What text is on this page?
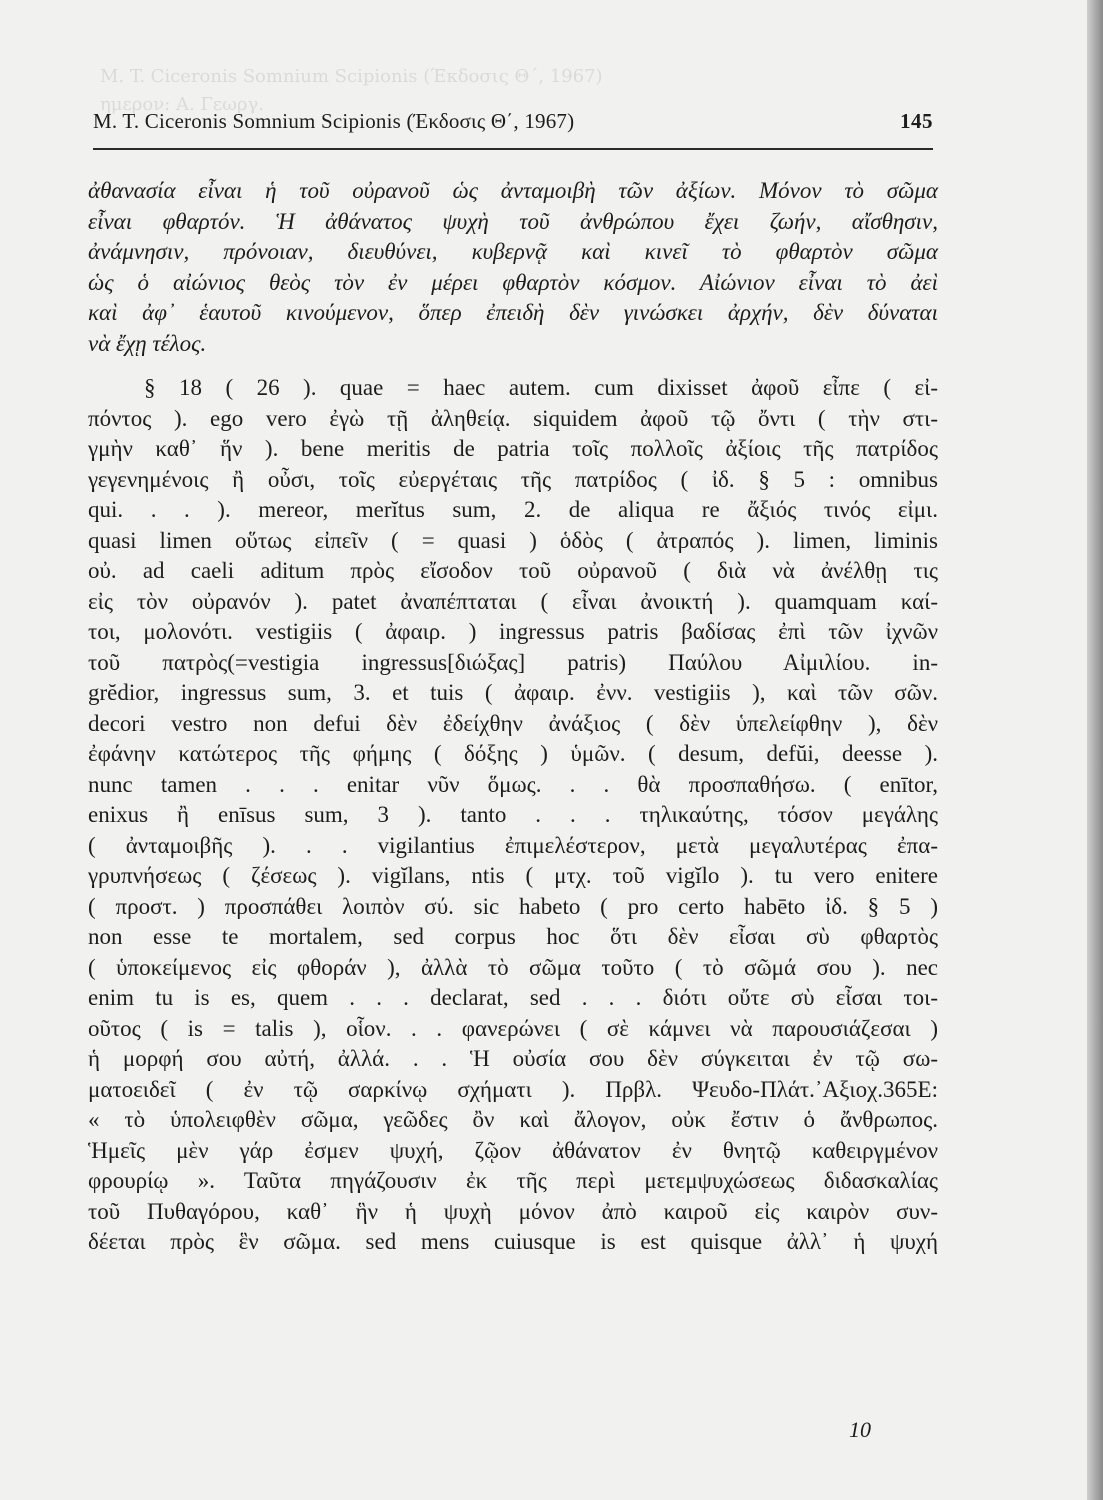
M. T. Ciceronis Somnium Scipionis (Έκδοσις Θ΄, 1967)
ημερον: Α. Γεωργ.
M. T. Ciceronis Somnium Scipionis (Έκδοσις Θ΄, 1967)	145
ἀθανασία εἶναι ἡ τοῦ οὐρανοῦ ὡς ἀνταμοιβὴ τῶν ἀξίων. Μόνον τὸ σῶμα
εἶναι φθαρτόν. Ἡ ἀθάνατος ψυχὴ τοῦ ἀνθρώπου ἔχει ζωήν, αἴσθησιν,
ἀνάμνησιν, πρόνοιαν, διευθύνει, κυβερνᾷ καὶ κινεῖ τὸ φθαρτὸν σῶμα
ὡς ὁ αἰώνιος θεὸς τὸν ἐν μέρει φθαρτὸν κόσμον. Αἰώνιον εἶναι τὸ ἀεὶ
καὶ ἀφ᾽ ἑαυτοῦ κινούμενον, ὅπερ ἐπειδὴ δὲν γινώσκει ἀρχήν, δὲν δύναται
νὰ ἔχῃ τέλος.
§ 18 ( 26 ). quae = haec autem. cum dixisset ἀφοῦ εἶπε ( εἰ-
πόντος ). ego vero ἐγὼ τῇ ἀληθείᾳ. siquidem ἀφοῦ τῷ ὄντι ( τὴν στι-
γμὴν καθ᾽ ἥν ). bene meritis de patria τοῖς πολλοῖς ἀξίοις τῆς πατρίδος
γεγενημένοις ἢ οὖσι, τοῖς εὐεργέταις τῆς πατρίδος ( ἰδ. § 5 : omnibus
qui. . . ). mereor, merĭtus sum, 2. de aliqua re ἄξιός τινός εἰμι.
quasi limen οὕτως εἰπεῖν ( = quasi ) ὁδὸς ( ἀτραπός ). limen, liminis
οὐ. ad caeli aditum πρὸς εἴσοδον τοῦ οὐρανοῦ ( διὰ νὰ ἀνέλθῃ τις
εἰς τὸν οὐρανόν ). patet ἀναπέπταται ( εἶναι ἀνοικτή ). quamquam καί-
τοι, μολονότι. vestigiis ( ἀφαιρ. ) ingressus patris βαδίσας ἐπὶ τῶν ἰχνῶν
τοῦ πατρὸς(=vestigia ingressus[διώξας] patris) Παύλου Αἰμιλίου. in-
grĕdior, ingressus sum, 3. et tuis ( ἀφαιρ. ἐνν. vestigiis ), καὶ τῶν σῶν.
decori vestro non defui δὲν ἐδείχθην ἀνάξιος ( δὲν ὑπελείφθην ), δὲν
ἐφάνην κατώτερος τῆς φήμης ( δόξης ) ὑμῶν. ( desum, defŭi, deesse ).
nunc tamen . . . enitar νῦν ὅμως. . . θὰ προσπαθήσω. ( enītor,
enixus ἢ enīsus sum, 3 ). tanto . . . τηλικαύτης, τόσον μεγάλης
( ἀνταμοιβῆς ). . . vigilantius ἐπιμελέστερον, μετὰ μεγαλυτέρας ἐπα-
γρυπνήσεως ( ζέσεως ). vigĭlans, ntis ( μτχ. τοῦ vigĭlo ). tu vero enitere
( προστ. ) προσπάθει λοιπὸν σύ. sic habeto ( pro certo habēto ἰδ. § 5 )
non esse te mortalem, sed corpus hoc ὅτι δὲν εἶσαι σὺ φθαρτὸς
( ὑποκείμενος εἰς φθοράν ), ἀλλὰ τὸ σῶμα τοῦτο ( τὸ σῶμά σου ). nec
enim tu is es, quem . . . declarat, sed . . . διότι οὔτε σὺ εἶσαι τοι-
οῦτος ( is = talis ), οἷον. . . φανερώνει ( σὲ κάμνει νὰ παρουσιάζεσαι )
ἡ μορφή σου αὐτή, ἀλλά. . . Ἡ οὐσία σου δὲν σύγκειται ἐν τῷ σω-
ματοειδεῖ ( ἐν τῷ σαρκίνῳ σχήματι ). Πρβλ. Ψευδο-Πλάτ.᾿Αξιοχ.365Ε:
« τὸ ὑπολειφθὲν σῶμα, γεῶδες ὂν καὶ ἄλογον, οὐκ ἔστιν ὁ ἄνθρωπος.
Ἡμεῖς μὲν γάρ ἐσμεν ψυχή, ζῷον ἀθάνατον ἐν θνητῷ καθειργμένον
φρουρίῳ ». Ταῦτα πηγάζουσιν ἐκ τῆς περὶ μετεμψυχώσεως διδασκαλίας
τοῦ Πυθαγόρου, καθ᾽ ἣν ἡ ψυχὴ μόνον ἀπὸ καιροῦ εἰς καιρὸν συν-
δέεται πρὸς ἓν σῶμα. sed mens cuiusque is est quisque ἀλλ᾽ ἡ ψυχή
10
